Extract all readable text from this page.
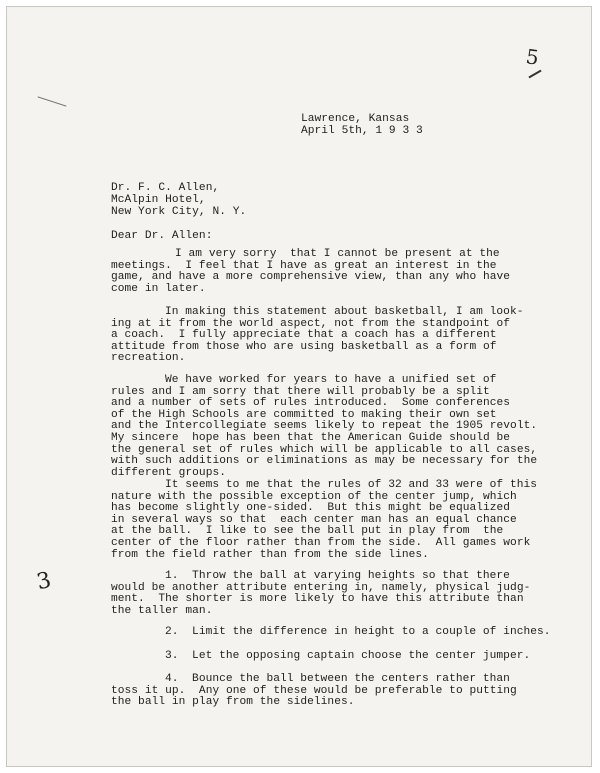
5
3
Lawrence, Kansas
April 5th, 1 9 3 3
Dr. F. C. Allen,
McAlpin Hotel,
New York City, N. Y.
Dear Dr. Allen:
I am very sorry  that I cannot be present at the
meetings.  I feel that I have as great an interest in the
game, and have a more comprehensive view, than any who have
come in later.
In making this statement about basketball, I am look-
ing at it from the world aspect, not from the standpoint of
a coach.  I fully appreciate that a coach has a different
attitude from those who are using basketball as a form of
recreation.
We have worked for years to have a unified set of
rules and I am sorry that there will probably be a split
and a number of sets of rules introduced.  Some conferences
of the High Schools are committed to making their own set
and the Intercollegiate seems likely to repeat the 1905 revolt.
My sincere  hope has been that the American Guide should be
the general set of rules which will be applicable to all cases,
with such additions or eliminations as may be necessary for the
different groups.
It seems to me that the rules of 32 and 33 were of this
nature with the possible exception of the center jump, which
has become slightly one-sided.  But this might be equalized
in several ways so that  each center man has an equal chance
at the ball.  I like to see the ball put in play from  the
center of the floor rather than from the side.  All games work
from the field rather than from the side lines.
1.  Throw the ball at varying heights so that there
would be another attribute entering in, namely, physical judg-
ment.  The shorter is more likely to have this attribute than
the taller man.
2.  Limit the difference in height to a couple of inches.
3.  Let the opposing captain choose the center jumper.
4.  Bounce the ball between the centers rather than
toss it up.  Any one of these would be preferable to putting
the ball in play from the sidelines.
